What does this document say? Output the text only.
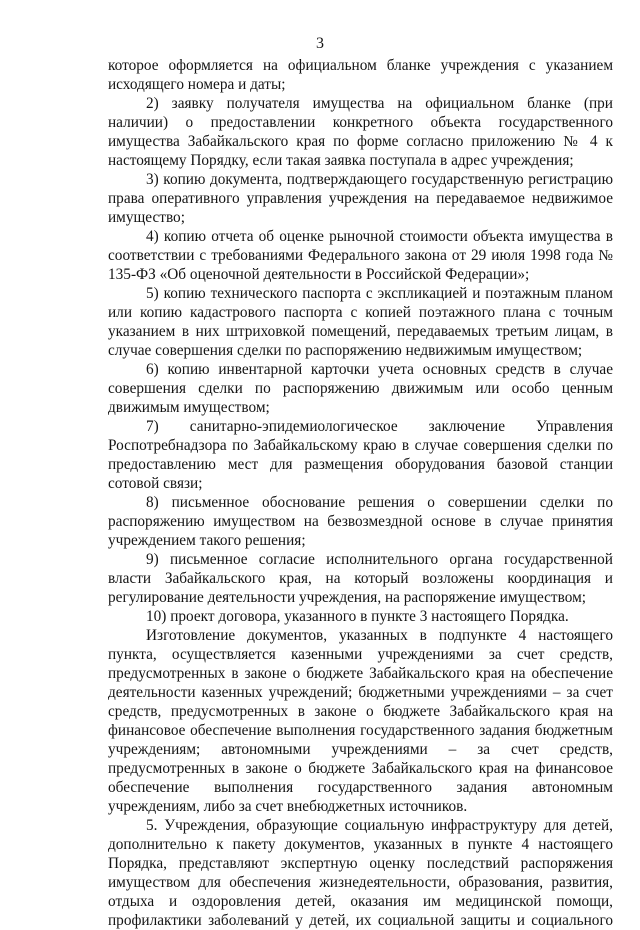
3

которое оформляется на официальном бланке учреждения с указанием исходящего номера и даты;

2) заявку получателя имущества на официальном бланке (при наличии) о предоставлении конкретного объекта государственного имущества Забайкальского края по форме согласно приложению № 4 к настоящему Порядку, если такая заявка поступала в адрес учреждения;

3) копию документа, подтверждающего государственную регистрацию права оперативного управления учреждения на передаваемое недвижимое имущество;

4) копию отчета об оценке рыночной стоимости объекта имущества в соответствии с требованиями Федерального закона от 29 июля 1998 года № 135-ФЗ «Об оценочной деятельности в Российской Федерации»;

5) копию технического паспорта с экспликацией и поэтажным планом или копию кадастрового паспорта с копией поэтажного плана с точным указанием в них штриховкой помещений, передаваемых третьим лицам, в случае совершения сделки по распоряжению недвижимым имуществом;

6) копию инвентарной карточки учета основных средств в случае совершения сделки по распоряжению движимым или особо ценным движимым имуществом;

7) санитарно-эпидемиологическое заключение Управления Роспотребнадзора по Забайкальскому краю в случае совершения сделки по предоставлению мест для размещения оборудования базовой станции сотовой связи;

8) письменное обоснование решения о совершении сделки по распоряжению имуществом на безвозмездной основе в случае принятия учреждением такого решения;

9) письменное согласие исполнительного органа государственной власти Забайкальского края, на который возложены координация и регулирование деятельности учреждения, на распоряжение имуществом;

10) проект договора, указанного в пункте 3 настоящего Порядка.

Изготовление документов, указанных в подпункте 4 настоящего пункта, осуществляется казенными учреждениями за счет средств, предусмотренных в законе о бюджете Забайкальского края на обеспечение деятельности казенных учреждений; бюджетными учреждениями – за счет средств, предусмотренных в законе о бюджете Забайкальского края на финансовое обеспечение выполнения государственного задания бюджетным учреждениям; автономными учреждениями – за счет средств, предусмотренных в законе о бюджете Забайкальского края на финансовое обеспечение выполнения государственного задания автономным учреждениям, либо за счет внебюджетных источников.

5. Учреждения, образующие социальную инфраструктуру для детей, дополнительно к пакету документов, указанных в пункте 4 настоящего Порядка, представляют экспертную оценку последствий распоряжения имуществом для обеспечения жизнедеятельности, образования, развития, отдыха и оздоровления детей, оказания им медицинской помощи, профилактики заболеваний у детей, их социальной защиты и социального
